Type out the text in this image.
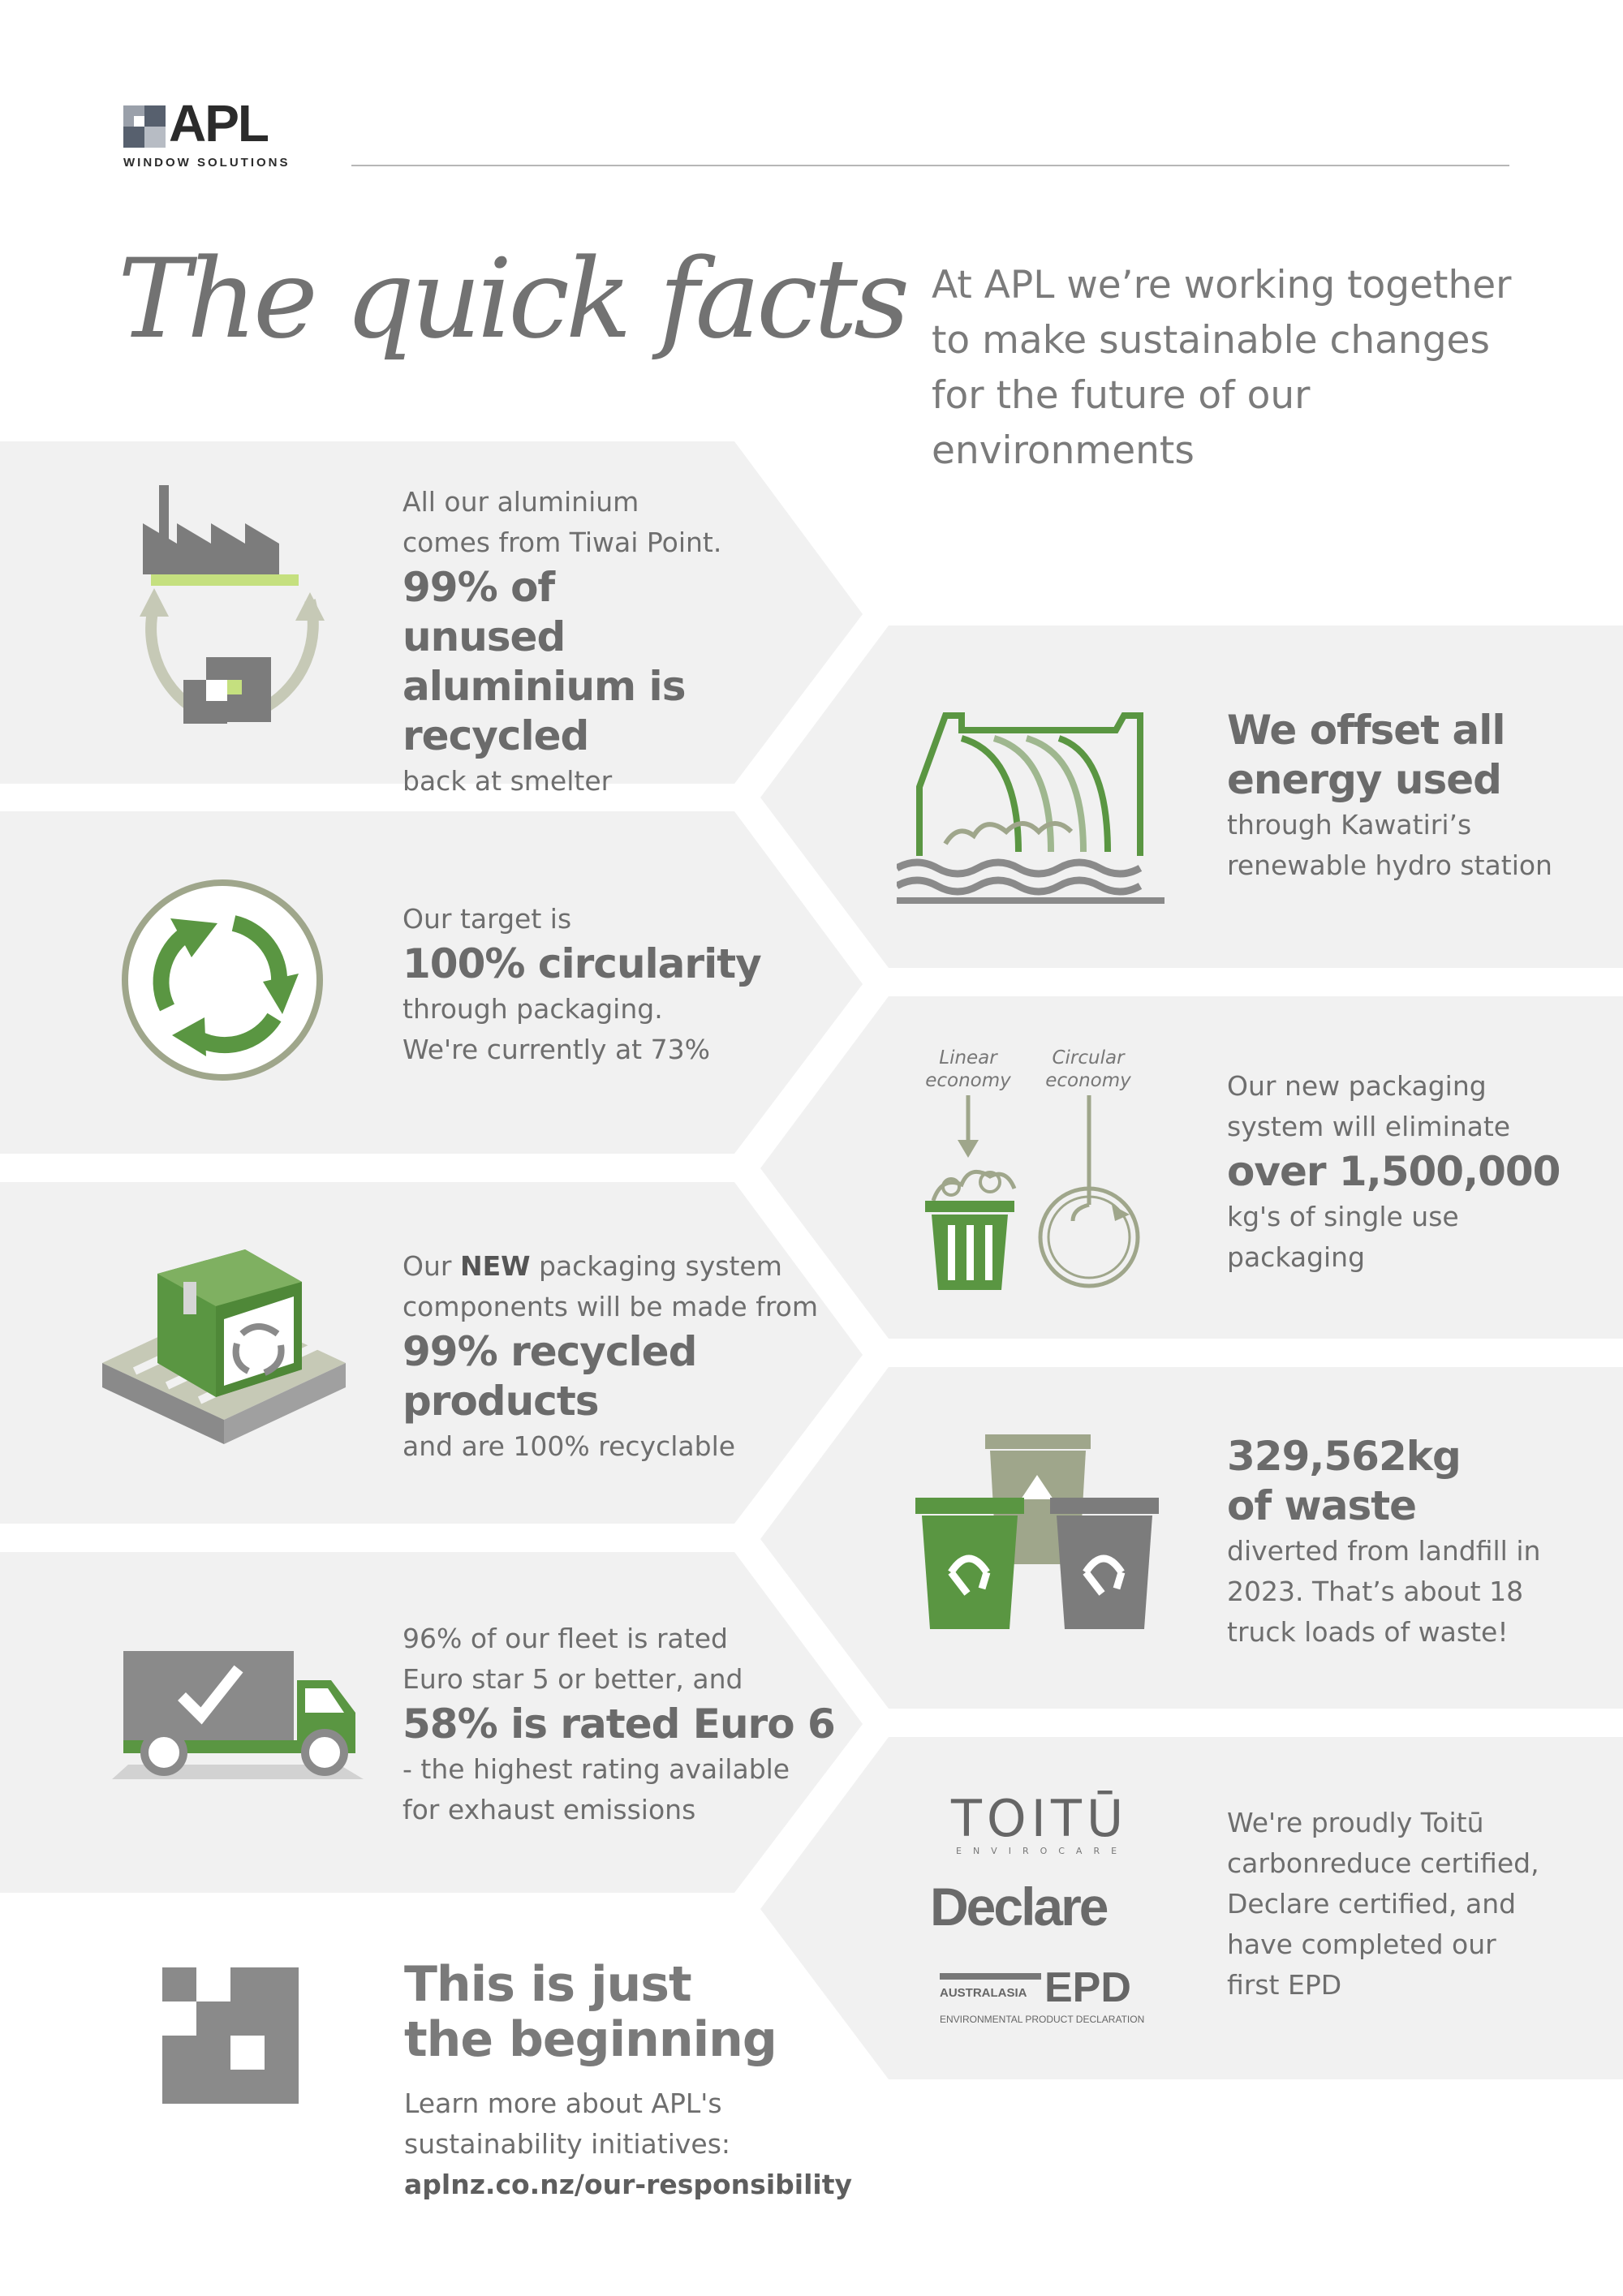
APL
WINDOW SOLUTIONS
The quick facts At APL we’re working together to make sustainable changes for the future of our environments
All our aluminium
comes from Tiwai Point.
99% of unused aluminium is recycled
back at smelter
We offset all energy used
through Kawatiri’s
renewable hydro station
Our target is
100% circularity
through packaging.
We're currently at 73%	Linear economy
Circular economy	Our new packaging
system will eliminate
over 1,500,000
kg's of single use
packaging
Our NEW packaging system
components will be made from
99% recycled products
and are 100% recyclable	329,562kg of waste
diverted from landfill in
2023. That’s about 18
truck loads of waste!
96% of our fleet is rated
Euro star 5 or better, and
58% is rated Euro 6
- the highest rating available
for exhaust emissions	TOITŪ
ENVIROCARE
Declare
AUSTRALASIA EPD
ENVIRONMENTAL PRODUCT DECLARATION
We're proudly Toitū
carbonreduce certified,
Declare certified, and
have completed our
first EPD
This is just
the beginning
Learn more about APL's
sustainability initiatives:
aplnz.co.nz/our-responsibility
